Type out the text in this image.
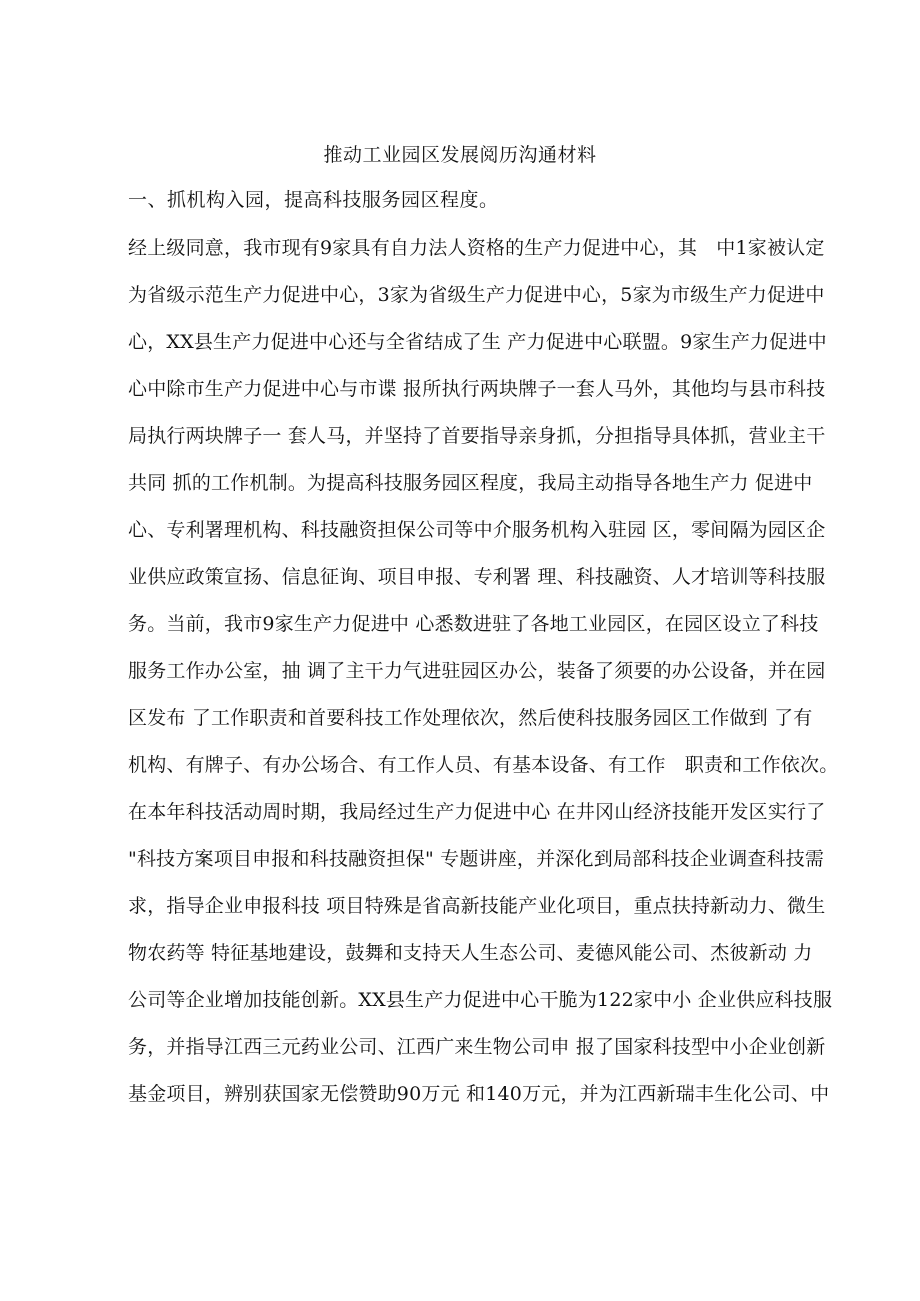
推动工业园区发展阅历沟通材料
一、抓机构入园，提高科技服务园区程度。
经上级同意，我市现有9家具有自力法人资格的生产力促进中心，其　中1家被认定
为省级示范生产力促进中心，3家为省级生产力促进中心，5家为市级生产力促进中
心，XX县生产力促进中心还与全省结成了生 产力促进中心联盟。9家生产力促进中
心中除市生产力促进中心与市谍 报所执行两块牌子一套人马外，其他均与县市科技
局执行两块牌子一 套人马，并坚持了首要指导亲身抓，分担指导具体抓，营业主干
共同 抓的工作机制。为提高科技服务园区程度，我局主动指导各地生产力 促进中
心、专利署理机构、科技融资担保公司等中介服务机构入驻园 区，零间隔为园区企
业供应政策宣扬、信息征询、项目申报、专利署 理、科技融资、人才培训等科技服
务。当前，我市9家生产力促进中 心悉数进驻了各地工业园区，在园区设立了科技
服务工作办公室，抽 调了主干力气进驻园区办公，装备了须要的办公设备，并在园
区发布 了工作职责和首要科技工作处理依次，然后使科技服务园区工作做到 了有
机构、有牌子、有办公场合、有工作人员、有基本设备、有工作　职责和工作依次。
在本年科技活动周时期，我局经过生产力促进中心 在井冈山经济技能开发区实行了
"科技方案项目申报和科技融资担保" 专题讲座，并深化到局部科技企业调查科技需
求，指导企业申报科技 项目特殊是省高新技能产业化项目，重点扶持新动力、微生
物农药等 特征基地建设，鼓舞和支持天人生态公司、麦德风能公司、杰彼新动 力
公司等企业增加技能创新。XX县生产力促进中心干脆为122家中小 企业供应科技服
务，并指导江西三元药业公司、江西广来生物公司申 报了国家科技型中小企业创新
基金项目，辨别获国家无偿赞助90万元 和140万元，并为江西新瑞丰生化公司、中
